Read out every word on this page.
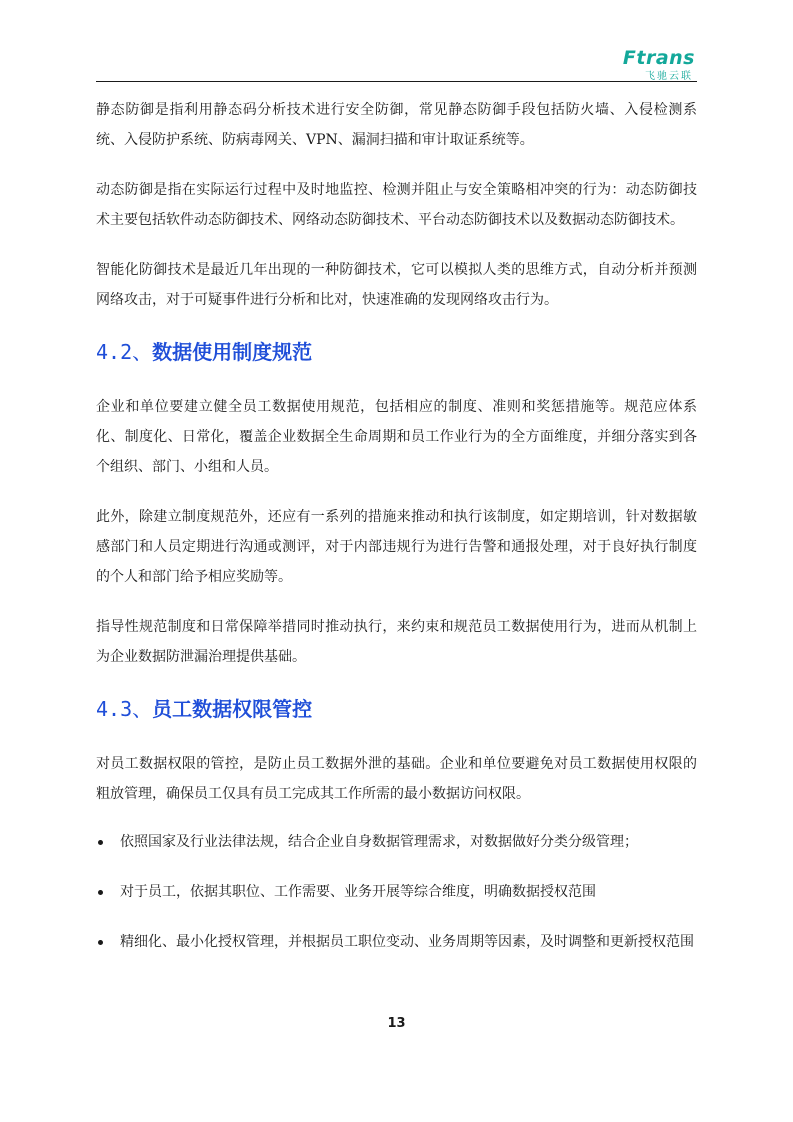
Ftrans
飞驰云联

静态防御是指利用静态码分析技术进行安全防御，常见静态防御手段包括防火墙、入侵检测系统、入侵防护系统、防病毒网关、VPN、漏洞扫描和审计取证系统等。

动态防御是指在实际运行过程中及时地监控、检测并阻止与安全策略相冲突的行为：动态防御技术主要包括软件动态防御技术、网络动态防御技术、平台动态防御技术以及数据动态防御技术。

智能化防御技术是最近几年出现的一种防御技术，它可以模拟人类的思维方式，自动分析并预测网络攻击，对于可疑事件进行分析和比对，快速准确的发现网络攻击行为。

4.2、数据使用制度规范

企业和单位要建立健全员工数据使用规范，包括相应的制度、准则和奖惩措施等。规范应体系化、制度化、日常化，覆盖企业数据全生命周期和员工作业行为的全方面维度，并细分落实到各个组织、部门、小组和人员。

此外，除建立制度规范外，还应有一系列的措施来推动和执行该制度，如定期培训，针对数据敏感部门和人员定期进行沟通或测评，对于内部违规行为进行告警和通报处理，对于良好执行制度的个人和部门给予相应奖励等。

指导性规范制度和日常保障举措同时推动执行，来约束和规范员工数据使用行为，进而从机制上为企业数据防泄漏治理提供基础。

4.3、员工数据权限管控

对员工数据权限的管控，是防止员工数据外泄的基础。企业和单位要避免对员工数据使用权限的粗放管理，确保员工仅具有员工完成其工作所需的最小数据访问权限。

依照国家及行业法律法规，结合企业自身数据管理需求，对数据做好分类分级管理；
对于员工，依据其职位、工作需要、业务开展等综合维度，明确数据授权范围
精细化、最小化授权管理，并根据员工职位变动、业务周期等因素，及时调整和更新授权范围
13
